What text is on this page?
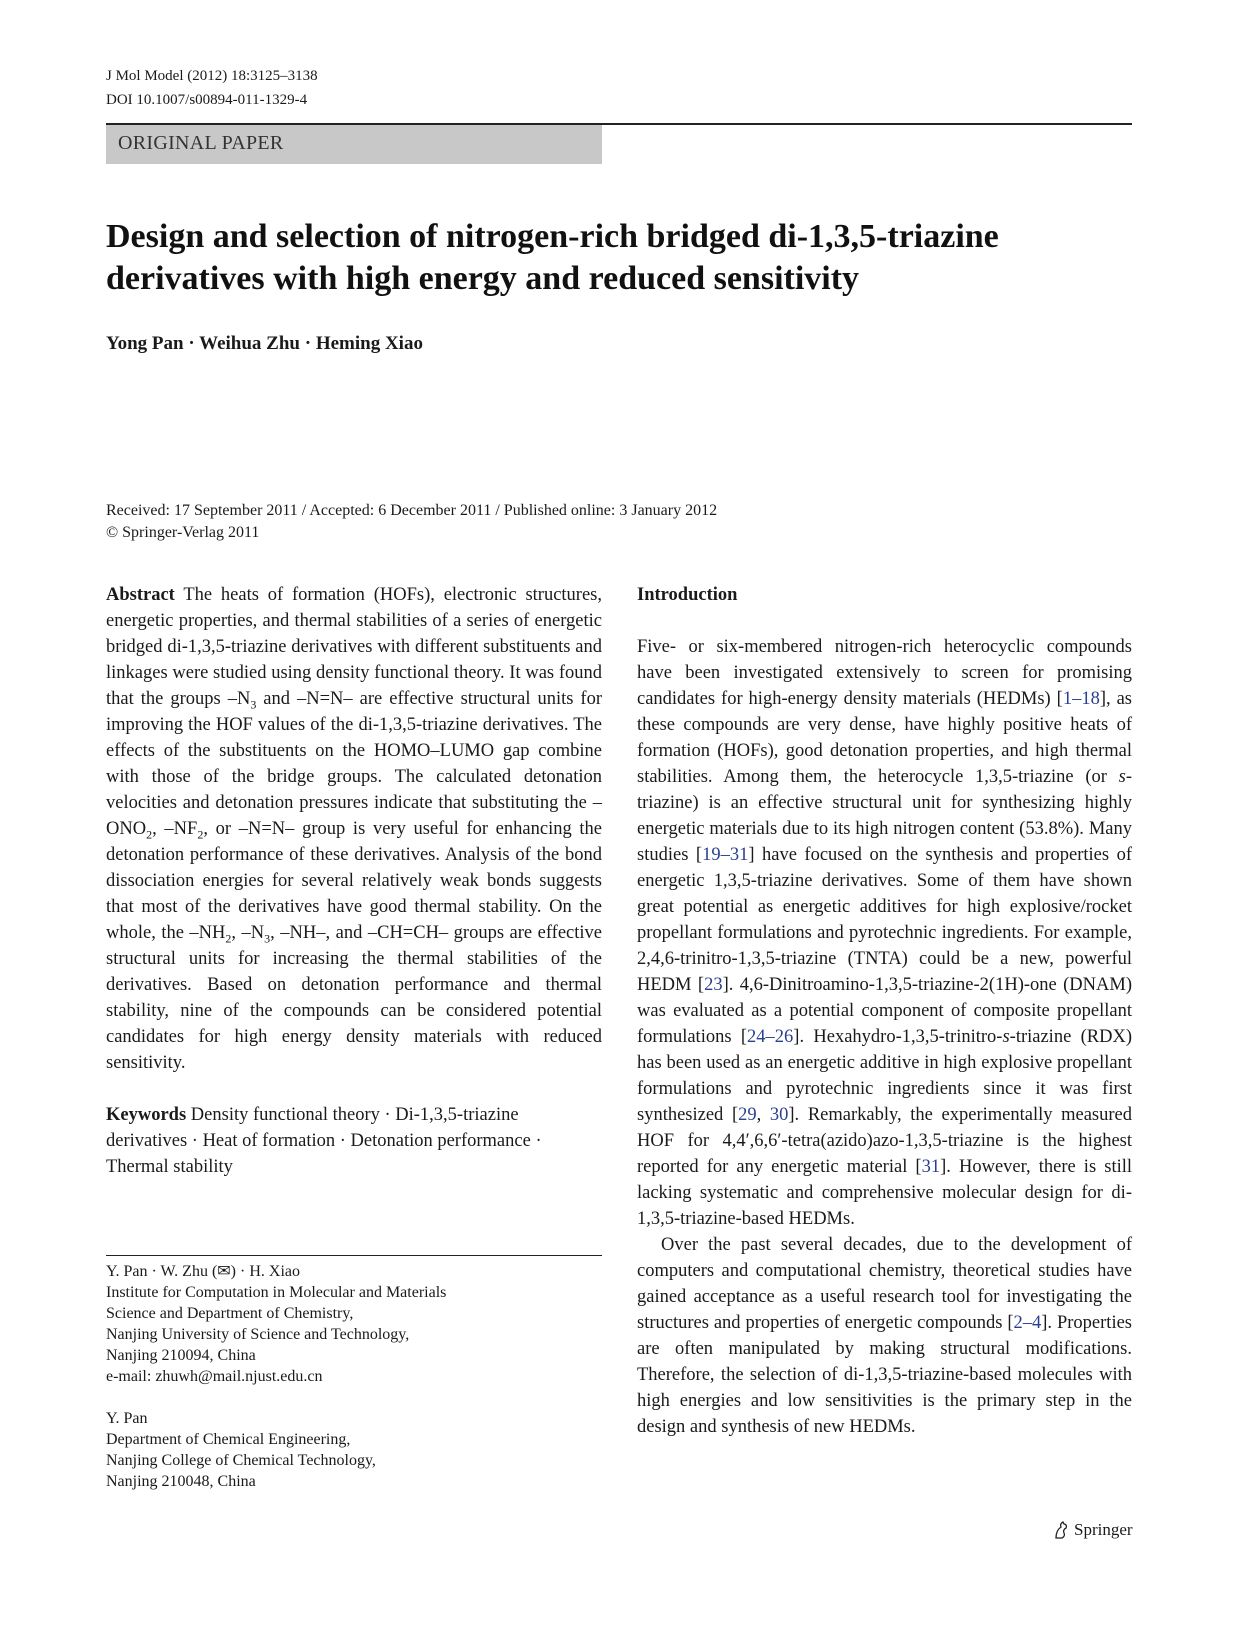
J Mol Model (2012) 18:3125–3138
DOI 10.1007/s00894-011-1329-4
ORIGINAL PAPER
Design and selection of nitrogen-rich bridged di-1,3,5-triazine
derivatives with high energy and reduced sensitivity
Yong Pan · Weihua Zhu · Heming Xiao
Received: 17 September 2011 / Accepted: 6 December 2011 / Published online: 3 January 2012
© Springer-Verlag 2011

Abstract The heats of formation (HOFs), electronic structures, energetic properties, and thermal stabilities of a series of energetic bridged di-1,3,5-triazine derivatives with different substituents and linkages were studied using density functional theory. It was found that the groups $-N_3$ and –N=N– are effective structural units for improving the HOF values of the di-1,3,5-triazine derivatives. The effects of the substituents on the HOMO–LUMO gap combine with those of the bridge groups. The calculated detonation velocities and detonation pressures indicate that substituting the $-ONO_2$, $-NF_2$, or –N=N– group is very useful for enhancing the detonation performance of these derivatives. Analysis of the bond dissociation energies for several relatively weak bonds suggests that most of the derivatives have good thermal stability. On the whole, the $-NH_2$, $-N_3$, –NH–, and –CH=CH– groups are effective structural units for increasing the thermal stabilities of the derivatives. Based on detonation performance and thermal stability, nine of the compounds can be considered potential candidates for high energy density materials with reduced sensitivity.

Keywords Density functional theory · Di-1,3,5-triazine derivatives · Heat of formation · Detonation performance · Thermal stability

Y. Pan · W. Zhu (✉) · H. Xiao

Institute for Computation in Molecular and Materials

Science and Department of Chemistry,

Nanjing University of Science and Technology,

Nanjing 210094, China

e-mail: zhuwh@mail.njust.edu.cn

Y. Pan

Department of Chemical Engineering,

Nanjing College of Chemical Technology,

Nanjing 210048, China

Introduction

Five- or six-membered nitrogen-rich heterocyclic compounds have been investigated extensively to screen for promising candidates for high-energy density materials (HEDMs) [1–18], as these compounds are very dense, have highly positive heats of formation (HOFs), good detonation properties, and high thermal stabilities. Among them, the heterocycle 1,3,5-triazine (or s-triazine) is an effective structural unit for synthesizing highly energetic materials due to its high nitrogen content (53.8%). Many studies [19–31] have focused on the synthesis and properties of energetic 1,3,5-triazine derivatives. Some of them have shown great potential as energetic additives for high explosive/rocket propellant formulations and pyrotechnic ingredients. For example, 2,4,6-trinitro-1,3,5-triazine (TNTA) could be a new, powerful HEDM [23]. 4,6-Dinitroamino-1,3,5-triazine-2(1H)-one (DNAM) was evaluated as a potential component of composite propellant formulations [24–26]. Hexahydro-1,3,5-trinitro-s-triazine (RDX) has been used as an energetic additive in high explosive propellant formulations and pyrotechnic ingredients since it was first synthesized [29, 30]. Remarkably, the experimentally measured HOF for 4,4′,6,6′-tetra(azido)azo-1,3,5-triazine is the highest reported for any energetic material [31]. However, there is still lacking systematic and comprehensive molecular design for di-1,3,5-triazine-based HEDMs.

Over the past several decades, due to the development of computers and computational chemistry, theoretical studies have gained acceptance as a useful research tool for investigating the structures and properties of energetic compounds [2–4]. Properties are often manipulated by making structural modifications. Therefore, the selection of di-1,3,5-triazine-based molecules with high energies and low sensitivities is the primary step in the design and synthesis of new HEDMs.

Springer
